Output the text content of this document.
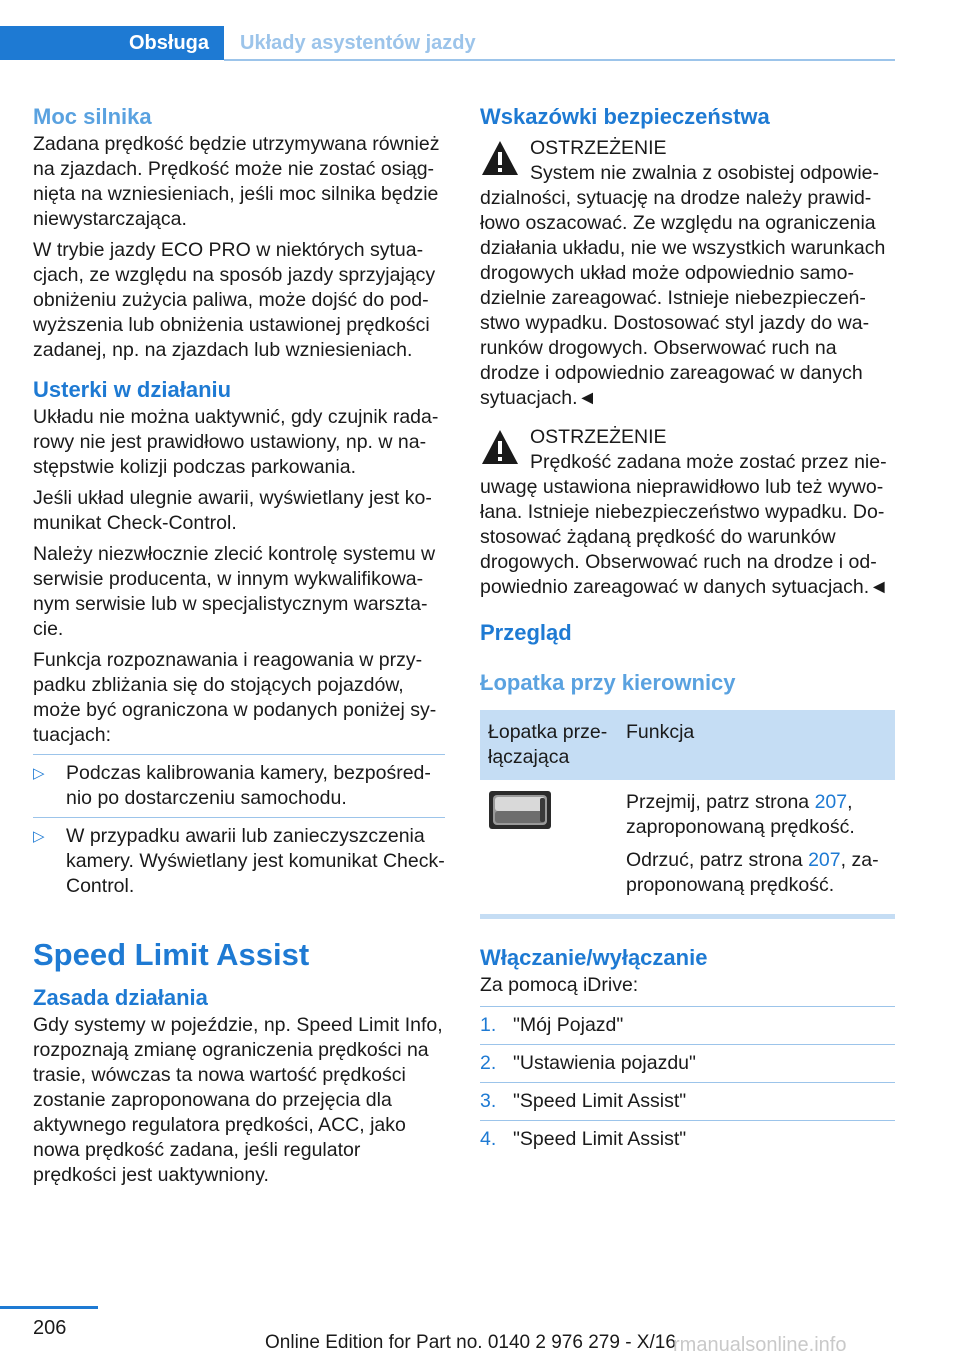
Obsługa	Układy asystentów jazdy
Moc silnika

Zadana prędkość będzie utrzymywana również na zjazdach. Prędkość może nie zostać osiągnięta na wzniesieniach, jeśli moc silnika będzie niewystarczająca.

W trybie jazdy ECO PRO w niektórych sytuacjach, ze względu na sposób jazdy sprzyjający obniżeniu zużycia paliwa, może dojść do podwyższenia lub obniżenia ustawionej prędkości zadanej, np. na zjazdach lub wzniesieniach.

Usterki w działaniu

Układu nie można uaktywnić, gdy czujnik radarowy nie jest prawidłowo ustawiony, np. w następstwie kolizji podczas parkowania.

Jeśli układ ulegnie awarii, wyświetlany jest komunikat Check-Control.

Należy niezwłocznie zlecić kontrolę systemu w serwisie producenta, w innym wykwalifikowanym serwisie lub w specjalistycznym warsztacie.

Funkcja rozpoznawania i reagowania w przypadku zbliżania się do stojących pojazdów, może być ograniczona w podanych poniżej sytuacjach:

▷ Podczas kalibrowania kamery, bezpośrednio po dostarczeniu samochodu.
▷ W przypadku awarii lub zanieczyszczenia kamery. Wyświetlany jest komunikat Check-Control.
Speed Limit Assist
Zasada działania

Gdy systemy w pojeździe, np. Speed Limit Info, rozpoznają zmianę ograniczenia prędkości na trasie, wówczas ta nowa wartość prędkości zostanie zaproponowana do przejęcia dla aktywnego regulatora prędkości, ACC, jako nowa prędkość zadana, jeśli regulator prędkości jest uaktywniony.

Wskazówki bezpieczeństwa
OSTRZEŻENIE

System nie zwalnia z osobistej odpowiedzialności, sytuację na drodze należy prawidłowo oszacować. Ze względu na ograniczenia działania układu, nie we wszystkich warunkach drogowych układ może odpowiednio samodzielnie zareagować. Istnieje niebezpieczeństwo wypadku. Dostosować styl jazdy do warunków drogowych. Obserwować ruch na drodze i odpowiednio zareagować w danych sytuacjach.◄

OSTRZEŻENIE

Prędkość zadana może zostać przez nieuwagę ustawiona nieprawidłowo lub też wywołana. Istnieje niebezpieczeństwo wypadku. Dostosować żądaną prędkość do warunków drogowych. Obserwować ruch na drodze i odpowiednio zareagować w danych sytuacjach.◄

Przegląd
Łopatka przy kierownicy
Łopatka przełączająca	Funkcja

Przejmij, patrz strona 207, zaproponowaną prędkość.

Odrzuć, patrz strona 207, zaproponowaną prędkość.

Włączanie/wyłączanie

Za pomocą iDrive:

1. "Mój Pojazd"
2. "Ustawienia pojazdu"
3. "Speed Limit Assist"
4. "Speed Limit Assist"
206
Online Edition for Part no. 0140 2 976 279 - X/16
rmanualsonline.info
